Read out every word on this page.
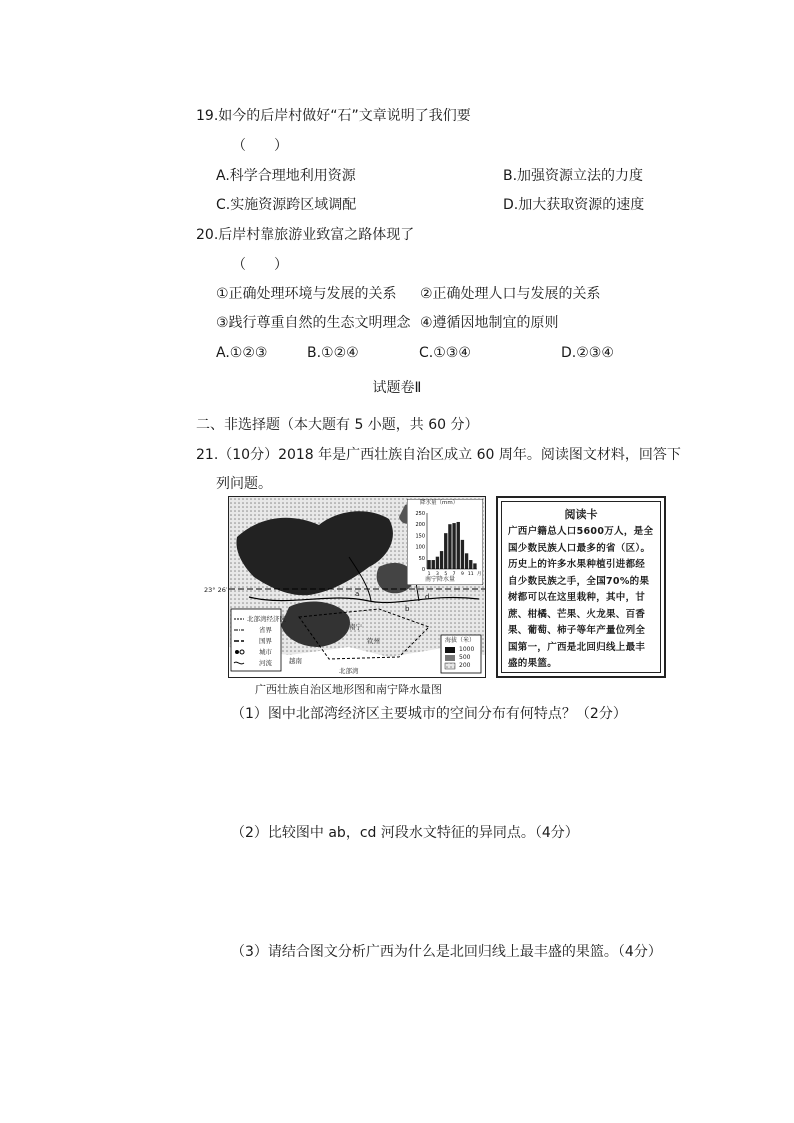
19.如今的后岸村做好“石”文章说明了我们要
（　　）
A.科学合理地利用资源	B.加强资源立法的力度
C.实施资源跨区域调配	D.加大获取资源的速度
20.后岸村靠旅游业致富之路体现了
（　　）
①正确处理环境与发展的关系 ②正确处理人口与发展的关系
③践行尊重自然的生态文明理念 ④遵循因地制宜的原则
A.①②③	B.①②④	C.①③④	D.②③④
试题卷Ⅱ
二、非选择题（本大题有 5 小题，共 60 分）
21.（10分）2018 年是广西壮族自治区成立 60 周年。阅读图文材料，回答下
列问题。
北部湾经济区
省界
国界
城市
河流
海拔（米）
1000
500
200
a
b
d
南宁
越南
北部湾
钦州
250
200
150
100
50
0
1 3 5 7 9 11 月
降水量（mm）
南宁降水量
23° 26′
阅读卡
广西户籍总人口5600万人，是全国少数民族人口最多的省（区）。历史上的许多水果种植引进都经自少数民族之手，全国70%的果树都可以在这里栽种，其中，甘蔗、柑橘、芒果、火龙果、百香果、葡萄、柿子等年产量位列全国第一，广西是北回归线上最丰盛的果篮。
广西壮族自治区地形图和南宁降水量图
（1）图中北部湾经济区主要城市的空间分布有何特点？（2分）
（2）比较图中 ab，cd 河段水文特征的异同点。（4分）
（3）请结合图文分析广西为什么是北回归线上最丰盛的果篮。（4分）
